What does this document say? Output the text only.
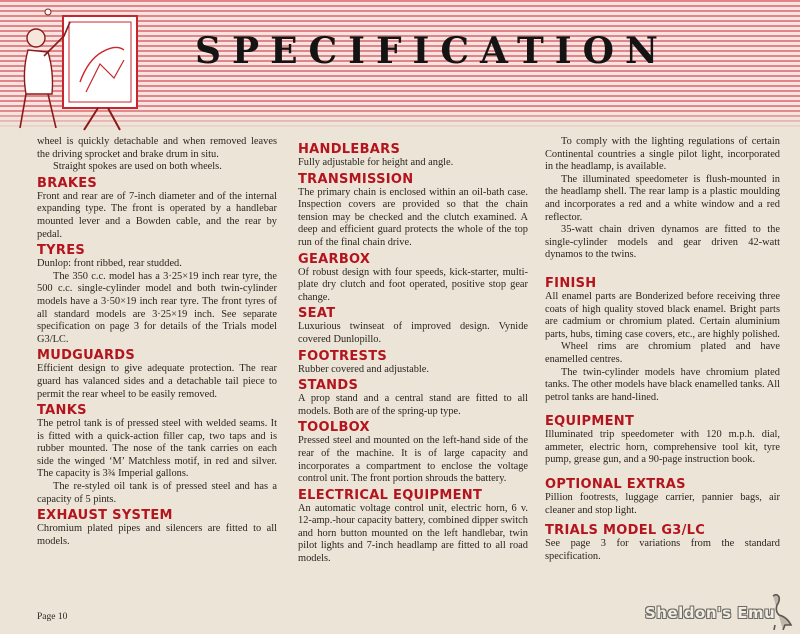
SPECIFICATION

wheel is quickly detachable and when removed leaves the driving sprocket and brake drum in situ.

Straight spokes are used on both wheels.

BRAKES

Front and rear are of 7-inch diameter and of the internal expanding type. The front is operated by a handlebar mounted lever and a Bowden cable, and the rear by pedal.

TYRES

Dunlop: front ribbed, rear studded.

The 350 c.c. model has a 3·25×19 inch rear tyre, the 500 c.c. single-cylinder model and both twin-cylinder models have a 3·50×19 inch rear tyre. The front tyres of all standard models are 3·25×19 inch. See separate specification on page 3 for details of the Trials model G3/LC.

MUDGUARDS

Efficient design to give adequate protection. The rear guard has valanced sides and a detachable tail piece to permit the rear wheel to be easily removed.

TANKS

The petrol tank is of pressed steel with welded seams. It is fitted with a quick-action filler cap, two taps and is rubber mounted. The nose of the tank carries on each side the winged ‘M’ Matchless motif, in red and silver. The capacity is 3¾ Imperial gallons.

The re-styled oil tank is of pressed steel and has a capacity of 5 pints.

EXHAUST SYSTEM

Chromium plated pipes and silencers are fitted to all models.

HANDLEBARS

Fully adjustable for height and angle.

TRANSMISSION

The primary chain is enclosed within an oil-bath case. Inspection covers are provided so that the chain tension may be checked and the clutch examined. A deep and efficient guard protects the whole of the top run of the final chain drive.

GEARBOX

Of robust design with four speeds, kick-starter, multi-plate dry clutch and foot operated, positive stop gear change.

SEAT

Luxurious twinseat of improved design. Vynide covered Dunlopillo.

FOOTRESTS

Rubber covered and adjustable.

STANDS

A prop stand and a central stand are fitted to all models. Both are of the spring-up type.

TOOLBOX

Pressed steel and mounted on the left-hand side of the rear of the machine. It is of large capacity and incorporates a compartment to enclose the voltage control unit. The front portion shrouds the battery.

ELECTRICAL EQUIPMENT

An automatic voltage control unit, electric horn, 6 v. 12-amp.-hour capacity battery, combined dipper switch and horn button mounted on the left handlebar, twin pilot lights and 7-inch headlamp are fitted to all road models.

To comply with the lighting regulations of certain Continental countries a single pilot light, incorporated in the headlamp, is available.

The illuminated speedometer is flush-mounted in the headlamp shell. The rear lamp is a plastic moulding and incorporates a red and a white window and a red reflector.

35-watt chain driven dynamos are fitted to the single-cylinder models and gear driven 42-watt dynamos to the twins.

FINISH

All enamel parts are Bonderized before receiving three coats of high quality stoved black enamel. Bright parts are cadmium or chromium plated. Certain aluminium parts, hubs, timing case covers, etc., are highly polished.

Wheel rims are chromium plated and have enamelled centres.

The twin-cylinder models have chromium plated tanks. The other models have black enamelled tanks. All petrol tanks are hand-lined.

EQUIPMENT

Illuminated trip speedometer with 120 m.p.h. dial, ammeter, electric horn, comprehensive tool kit, tyre pump, grease gun, and a 90-page instruction book.

OPTIONAL EXTRAS

Pillion footrests, luggage carrier, pannier bags, air cleaner and stop light.

TRIALS MODEL G3/LC

See page 3 for variations from the standard specification.

Page 10	Sheldon's Emu
